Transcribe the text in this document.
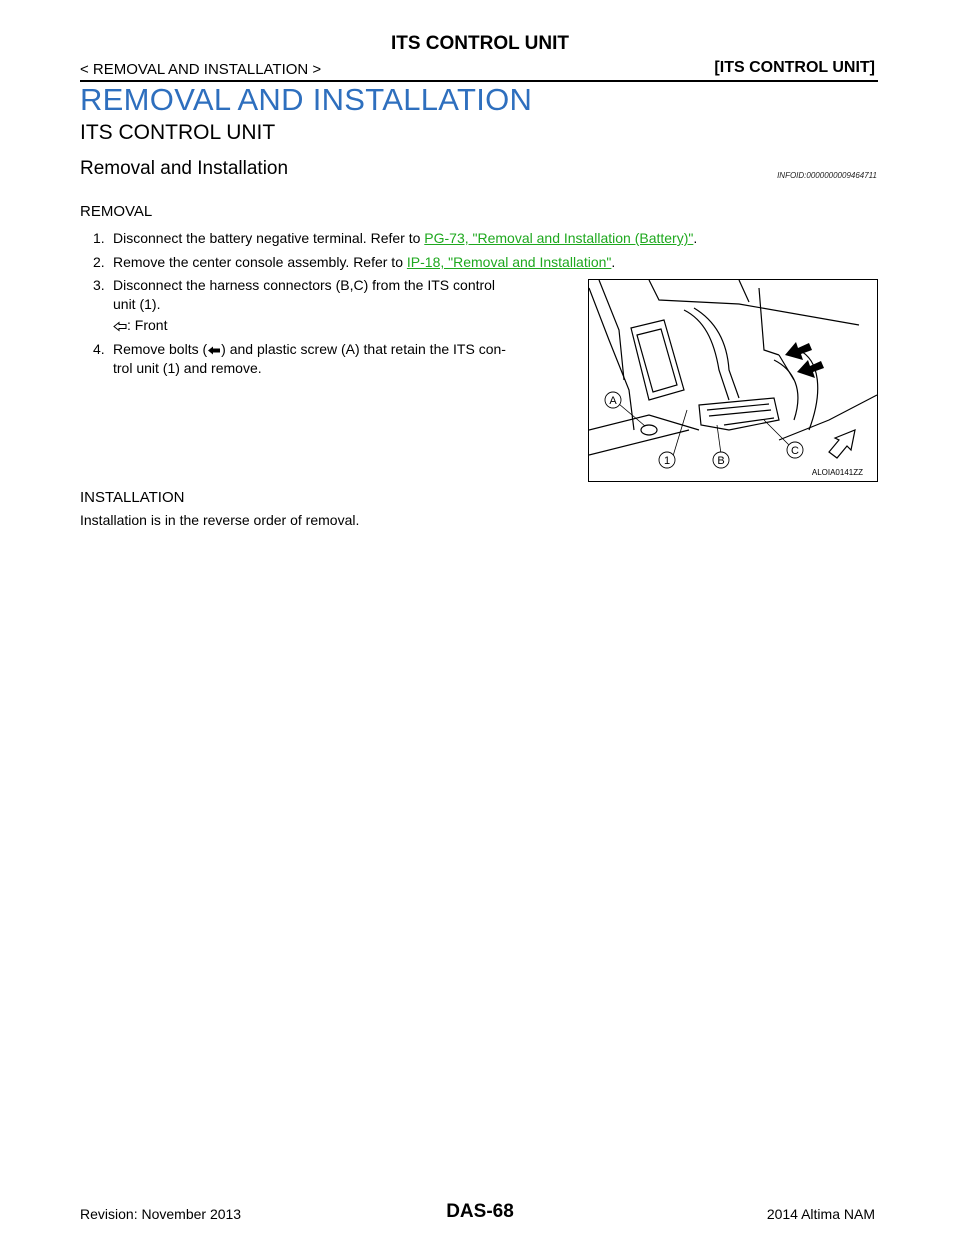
ITS CONTROL UNIT
< REMOVAL AND INSTALLATION >	[ITS CONTROL UNIT]
REMOVAL AND INSTALLATION
ITS CONTROL UNIT
Removal and Installation	INFOID:0000000009464711
REMOVAL
1. Disconnect the battery negative terminal. Refer to PG-73, "Removal and Installation (Battery)".
2. Remove the center console assembly. Refer to IP-18, "Removal and Installation".
3. Disconnect the harness connectors (B,C) from the ITS control
unit (1).
: Front
4. Remove bolts ( ) and plastic screw (A) that retain the ITS con-
trol unit (1) and remove.
A
1	B
C
ALOIA0141ZZ
INSTALLATION
Installation is in the reverse order of removal.
Revision: November 2013	DAS-68	2014 Altima NAM
